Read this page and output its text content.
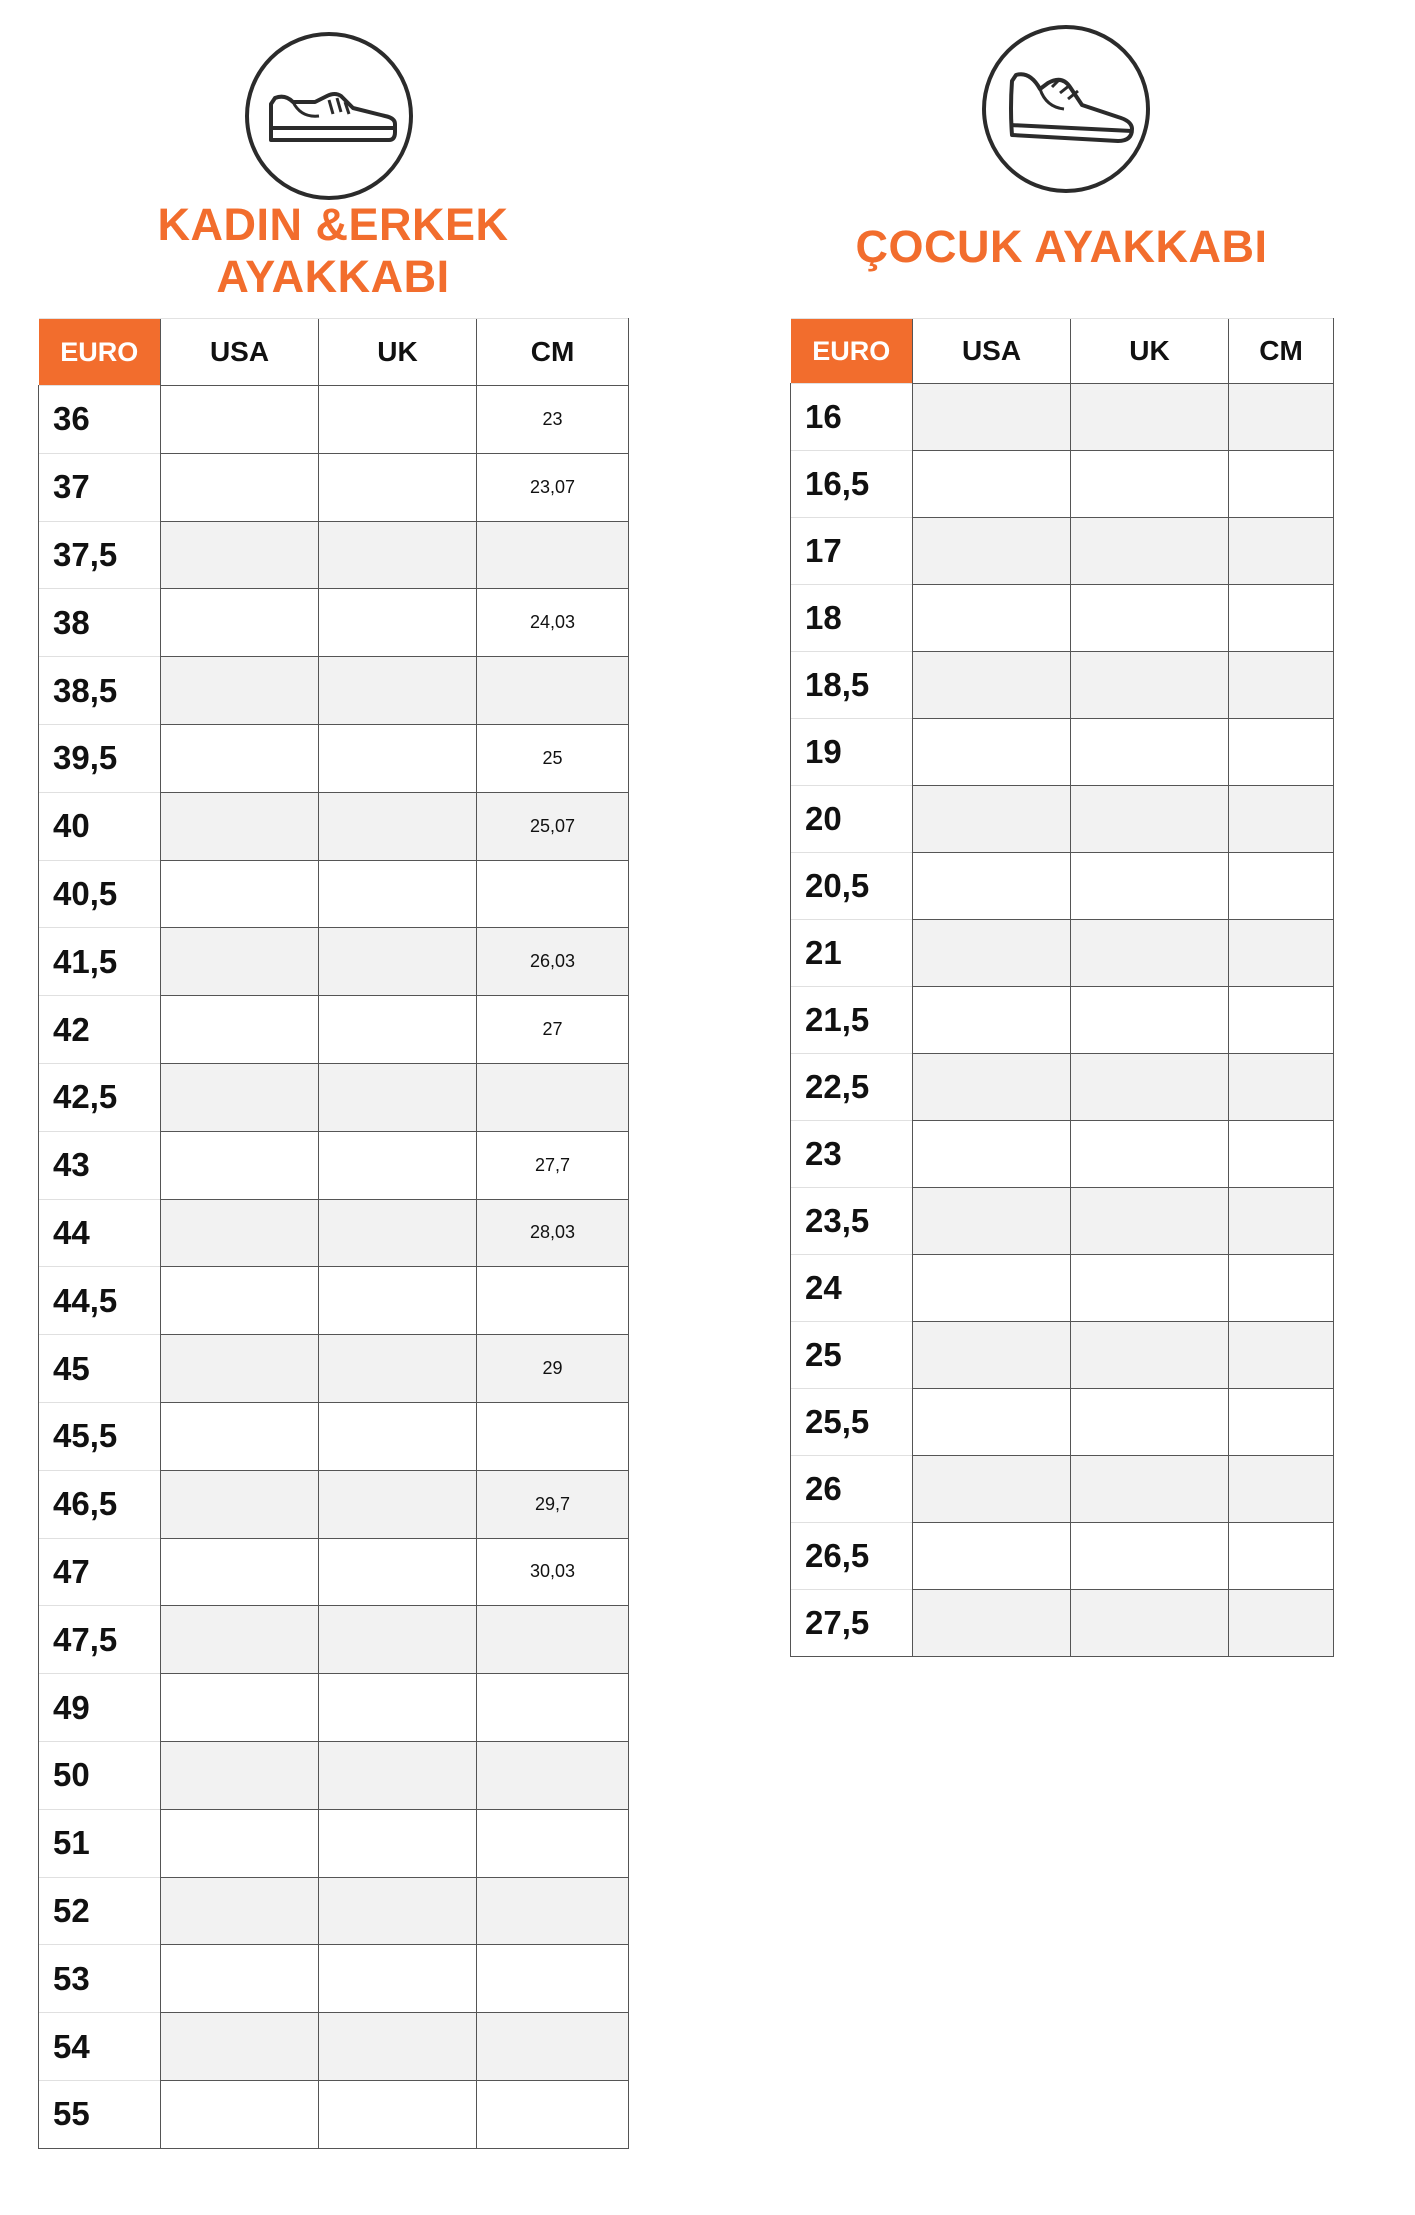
KADIN &ERKEK
AYAKKABI
EURO	USA	UK	CM
36			23
37			23,07
37,5			
38			24,03
38,5			
39,5			25
40			25,07
40,5			
41,5			26,03
42			27
42,5			
43			27,7
44			28,03
44,5			
45			29
45,5			
46,5			29,7
47			30,03
47,5			
49			
50			
51			
52			
53			
54			
55			
ÇOCUK AYAKKABI
EURO	USA	UK	CM
16			
16,5			
17			
18			
18,5			
19			
20			
20,5			
21			
21,5			
22,5			
23			
23,5			
24			
25			
25,5			
26			
26,5			
27,5			
